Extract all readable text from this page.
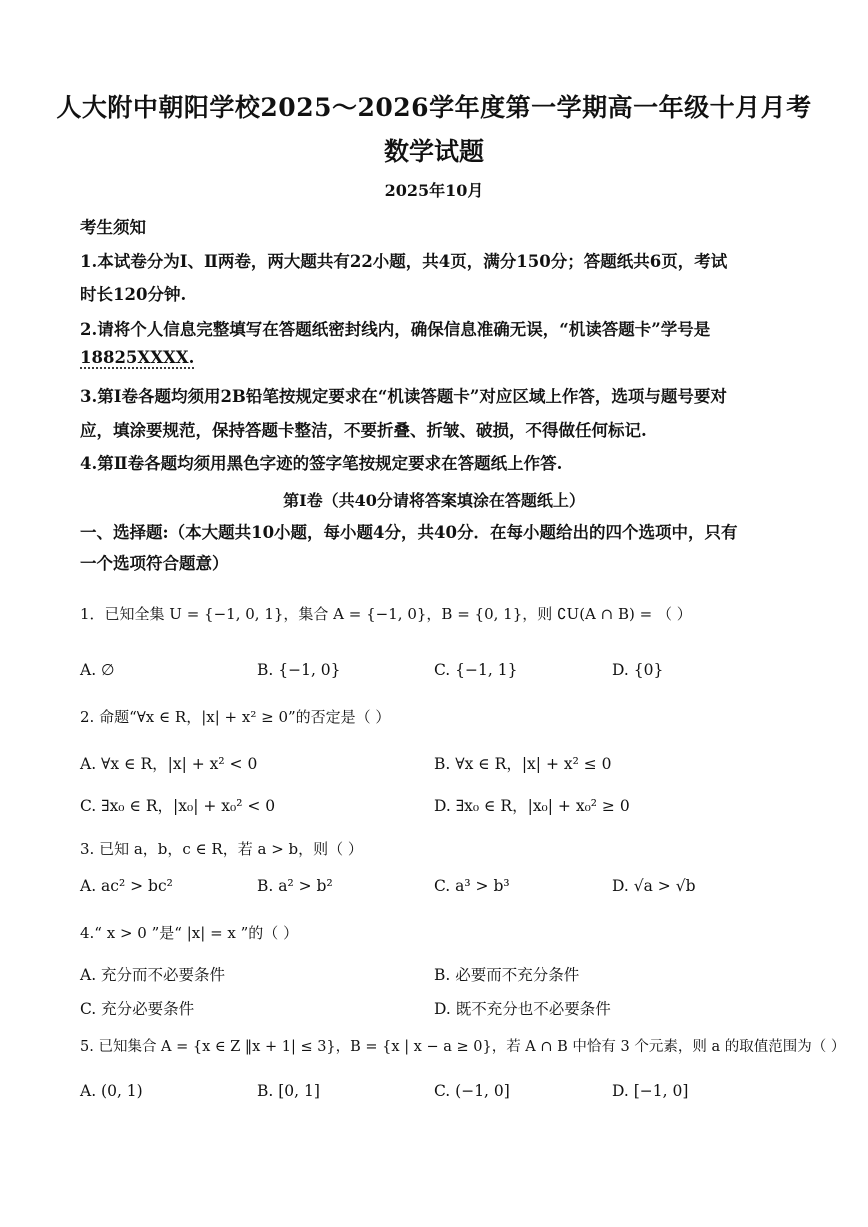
人大附中朝阳学校2025～2026学年度第一学期高一年级十月月考
数学试题
2025年10月
考生须知
1.本试卷分为Ⅰ、Ⅱ两卷，两大题共有22小题，共4页，满分150分；答题纸共6页，考试
时长120分钟.
2.请将个人信息完整填写在答题纸密封线内，确保信息准确无误，“机读答题卡”学号是
18825XXXX.
3.第Ⅰ卷各题均须用2B铅笔按规定要求在“机读答题卡”对应区域上作答，选项与题号要对
应，填涂要规范，保持答题卡整洁，不要折叠、折皱、破损，不得做任何标记.
4.第Ⅱ卷各题均须用黑色字迹的签字笔按规定要求在答题纸上作答.
第Ⅰ卷（共40分请将答案填涂在答题纸上）
一、选择题:（本大题共10小题，每小题4分，共40分．在每小题给出的四个选项中，只有
一个选项符合题意）
1．已知全集 U = {−1, 0, 1}，集合 A = {−1, 0}，B = {0, 1}，则 ∁U(A ∩ B) = （ ）
A. ∅	B. {−1, 0}	C. {−1, 1}	D. {0}
2. 命题“∀x ∈ R，|x| + x² ≥ 0”的否定是（ ）
A. ∀x ∈ R，|x| + x² < 0	B. ∀x ∈ R，|x| + x² ≤ 0
C. ∃x₀ ∈ R，|x₀| + x₀² < 0	D. ∃x₀ ∈ R，|x₀| + x₀² ≥ 0
3. 已知 a，b，c ∈ R，若 a > b，则（ ）
A. ac² > bc²	B. a² > b²	C. a³ > b³	D. √a > √b
4.“ x > 0 ”是“ |x| = x ”的（ ）
A. 充分而不必要条件	B. 必要而不充分条件
C. 充分必要条件	D. 既不充分也不必要条件
5. 已知集合 A = {x ∈ Z ‖x + 1| ≤ 3}，B = {x | x − a ≥ 0}，若 A ∩ B 中恰有 3 个元素，则 a 的取值范围为（ ）
A. (0, 1)	B. [0, 1]	C. (−1, 0]	D. [−1, 0]
